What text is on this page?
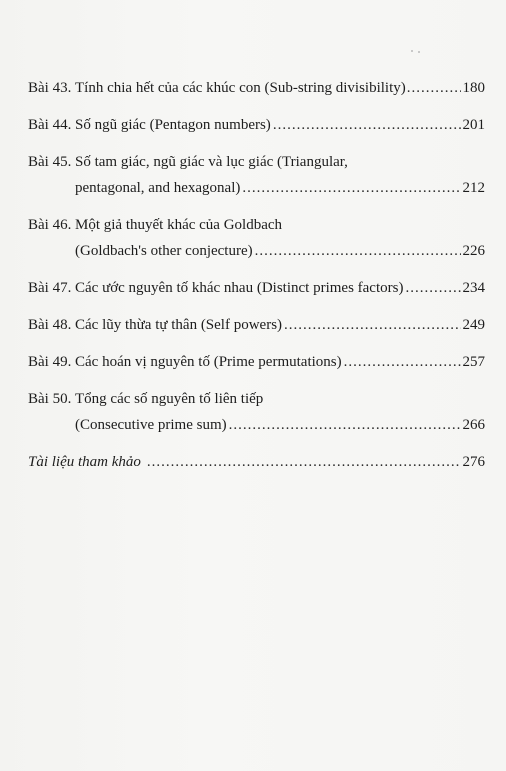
Bài 43. Tính chia hết của các khúc con (Sub-string divisibility) .....	180
Bài 44. Số ngũ giác (Pentagon numbers) .....	201
Bài 45. Số tam giác, ngũ giác và lục giác (Triangular,
pentagonal, and hexagonal) .....	212
Bài 46. Một giả thuyết khác của Goldbach
(Goldbach's other conjecture) .....	226
Bài 47. Các ước nguyên tố khác nhau (Distinct primes factors) .....	234
Bài 48. Các lũy thừa tự thân (Self powers) .....	249
Bài 49. Các hoán vị nguyên tố (Prime permutations) .....	257
Bài 50. Tổng các số nguyên tố liên tiếp
(Consecutive prime sum) .....	266
Tài liệu tham khảo .....	276
